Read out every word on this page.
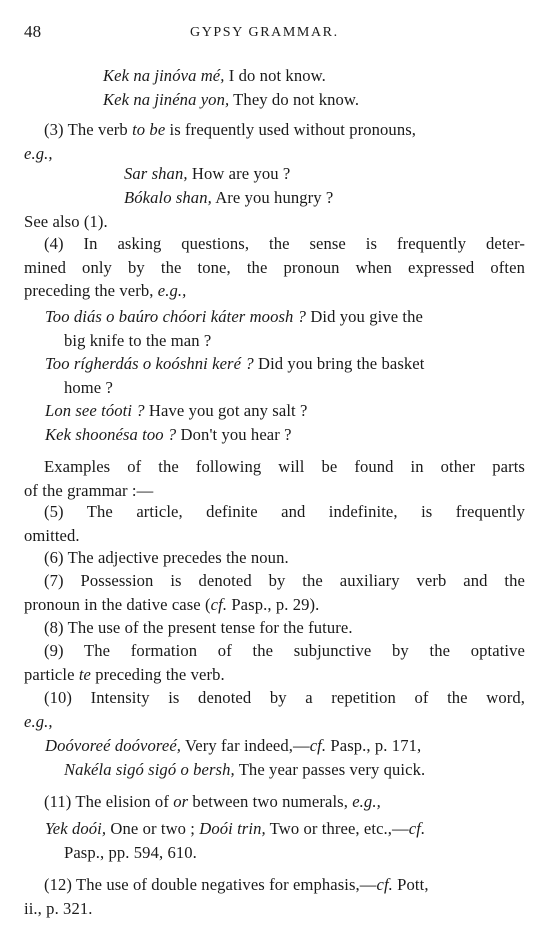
48	GYPSY GRAMMAR.
Kek na jinóva mé, I do not know.
Kek na jinéna yon, They do not know.
(3) The verb to be is frequently used without pronouns,
e.g.,
Sar shan, How are you ?
Bókalo shan, Are you hungry ?
See also (1).
(4) In asking questions, the sense is frequently deter-
mined only by the tone, the pronoun when expressed often
preceding the verb, e.g.,
Too diás o baúro chóori káter moosh ? Did you give the
big knife to the man ?
Too rígherdás o koóshni keré ? Did you bring the basket
home ?
Lon see tóoti ? Have you got any salt ?
Kek shoonésa too ? Don't you hear ?
Examples of the following will be found in other parts
of the grammar :—
(5) The article, definite and indefinite, is frequently
omitted.
(6) The adjective precedes the noun.
(7) Possession is denoted by the auxiliary verb and the
pronoun in the dative case (cf. Pasp., p. 29).
(8) The use of the present tense for the future.
(9) The formation of the subjunctive by the optative
particle te preceding the verb.
(10) Intensity is denoted by a repetition of the word,
e.g.,
Doóvoreé doóvoreé, Very far indeed,—cf. Pasp., p. 171,
Nakéla sigó sigó o bersh, The year passes very quick.
(11) The elision of or between two numerals, e.g.,
Yek doói, One or two ; Doói trin, Two or three, etc.,—cf.
Pasp., pp. 594, 610.
(12) The use of double negatives for emphasis,—cf. Pott,
ii., p. 321.
